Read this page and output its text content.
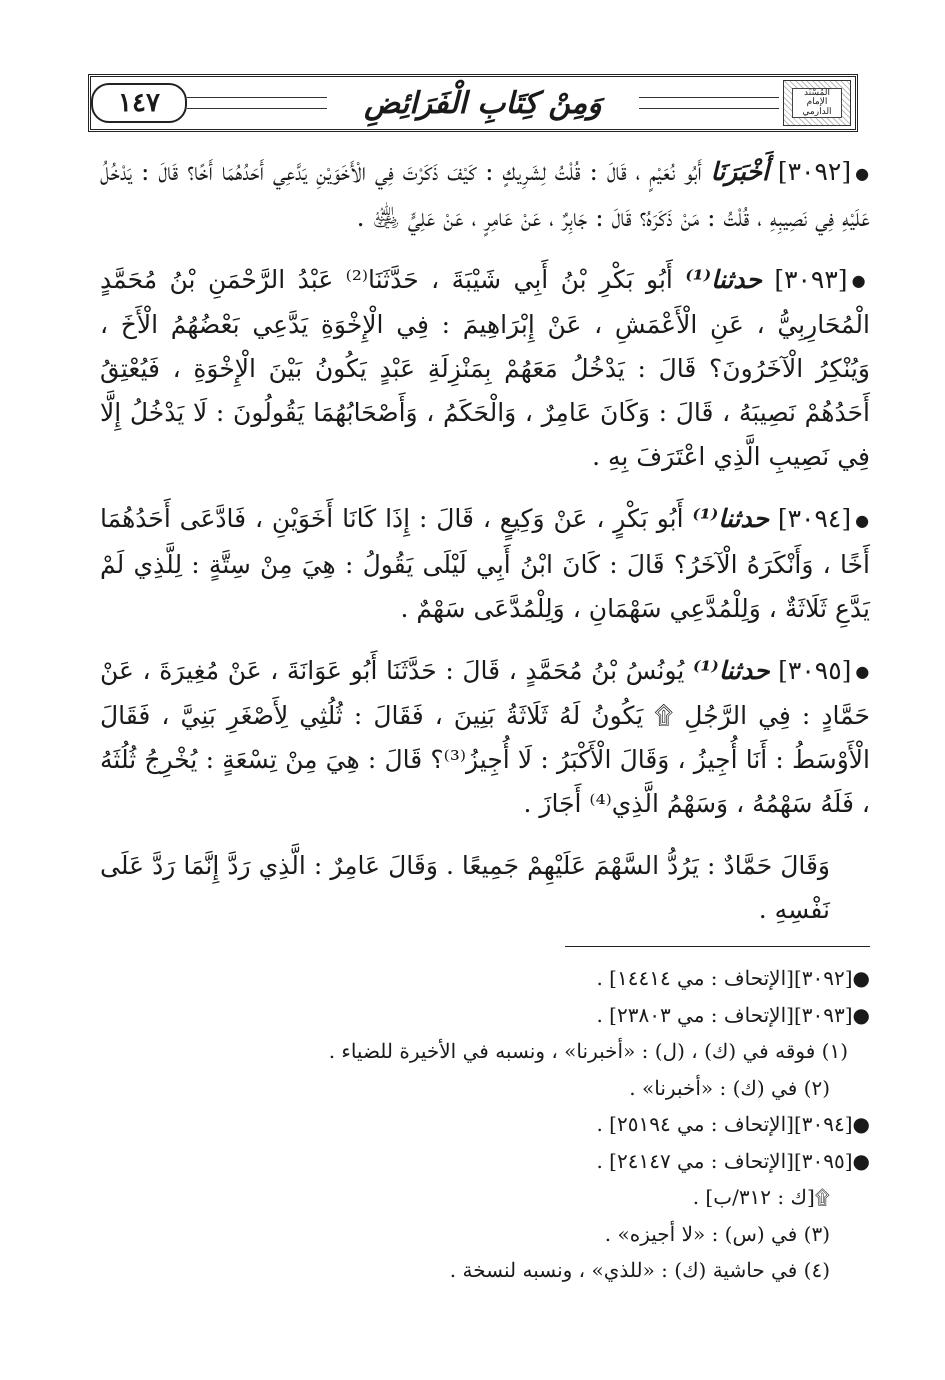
١٤٧	وَمِنْ كِتَابِ الْفَرَائِضِ	المُسْنَد الإمام الدارمي

●[٣٠٩٢] أَخْبَرَنَا أَبُو نُعَيْمٍ ، قَالَ : قُلْتُ لِشَرِيكٍ : كَيْفَ ذَكَرْتَ فِي الْأَخَوَيْنِ يَدَّعِي أَحَدُهُمَا أَخًا؟ قَالَ : يَدْخُلُ عَلَيْهِ فِي نَصِيبِهِ ، قُلْتُ : مَنْ ذَكَرَهُ؟ قَالَ : جَابِرٌ ، عَنْ عَامِرٍ ، عَنْ عَلِيٍّ ﵁ .

●[٣٠٩٣] حدثنا⁽¹⁾ أَبُو بَكْرِ بْنُ أَبِي شَيْبَةَ ، حَدَّثَنَا⁽²⁾ عَبْدُ الرَّحْمَنِ بْنُ مُحَمَّدٍ الْمُحَارِبِيُّ ، عَنِ الْأَعْمَشِ ، عَنْ إِبْرَاهِيمَ : فِي الْإِخْوَةِ يَدَّعِي بَعْضُهُمُ الْأَخَ ، وَيُنْكِرُ الْآخَرُونَ؟ قَالَ : يَدْخُلُ مَعَهُمْ بِمَنْزِلَةِ عَبْدٍ يَكُونُ بَيْنَ الْإِخْوَةِ ، فَيُعْتِقُ أَحَدُهُمْ نَصِيبَهُ ، قَالَ : وَكَانَ عَامِرٌ ، وَالْحَكَمُ ، وَأَصْحَابُهُمَا يَقُولُونَ : لَا يَدْخُلُ إِلَّا فِي نَصِيبِ الَّذِي اعْتَرَفَ بِهِ .

●[٣٠٩٤] حدثنا⁽¹⁾ أَبُو بَكْرٍ ، عَنْ وَكِيعٍ ، قَالَ : إِذَا كَانَا أَخَوَيْنِ ، فَادَّعَى أَحَدُهُمَا أَخًا ، وَأَنْكَرَهُ الْآخَرُ؟ قَالَ : كَانَ ابْنُ أَبِي لَيْلَى يَقُولُ : هِيَ مِنْ سِتَّةٍ : لِلَّذِي لَمْ يَدَّعِ ثَلَاثَةٌ ، وَلِلْمُدَّعِي سَهْمَانِ ، وَلِلْمُدَّعَى سَهْمٌ .

●[٣٠٩٥] حدثنا⁽¹⁾ يُونُسُ بْنُ مُحَمَّدٍ ، قَالَ : حَدَّثَنَا أَبُو عَوَانَةَ ، عَنْ مُغِيرَةَ ، عَنْ حَمَّادٍ : فِي الرَّجُلِ ۩ يَكُونُ لَهُ ثَلَاثَةُ بَنِينَ ، فَقَالَ : ثُلُثِي لِأَصْغَرِ بَنِيَّ ، فَقَالَ الْأَوْسَطُ : أَنَا أُجِيزُ ، وَقَالَ الْأَكْبَرُ : لَا أُجِيزُ⁽³⁾؟ قَالَ : هِيَ مِنْ تِسْعَةٍ : يُخْرِجُ ثُلُثَهُ ، فَلَهُ سَهْمُهُ ، وَسَهْمُ الَّذِي⁽⁴⁾ أَجَازَ .

وَقَالَ حَمَّادٌ : يَرُدُّ السَّهْمَ عَلَيْهِمْ جَمِيعًا . وَقَالَ عَامِرٌ : الَّذِي رَدَّ إِنَّمَا رَدَّ عَلَى نَفْسِهِ .

●[٣٠٩٢][الإتحاف : مي ١٤٤١٤] .
●[٣٠٩٣][الإتحاف : مي ٢٣٨٠٣] .
(١) فوقه في (ك) ، (ل) : «أخبرنا» ، ونسبه في الأخيرة للضياء .
(٢) في (ك) : «أخبرنا» .
●[٣٠٩٤][الإتحاف : مي ٢٥١٩٤] .
●[٣٠٩٥][الإتحاف : مي ٢٤١٤٧] .
۩[ك : ٣١٢/ب] .
(٣) في (س) : «لا أجيزه» .
(٤) في حاشية (ك) : «للذي» ، ونسبه لنسخة .
